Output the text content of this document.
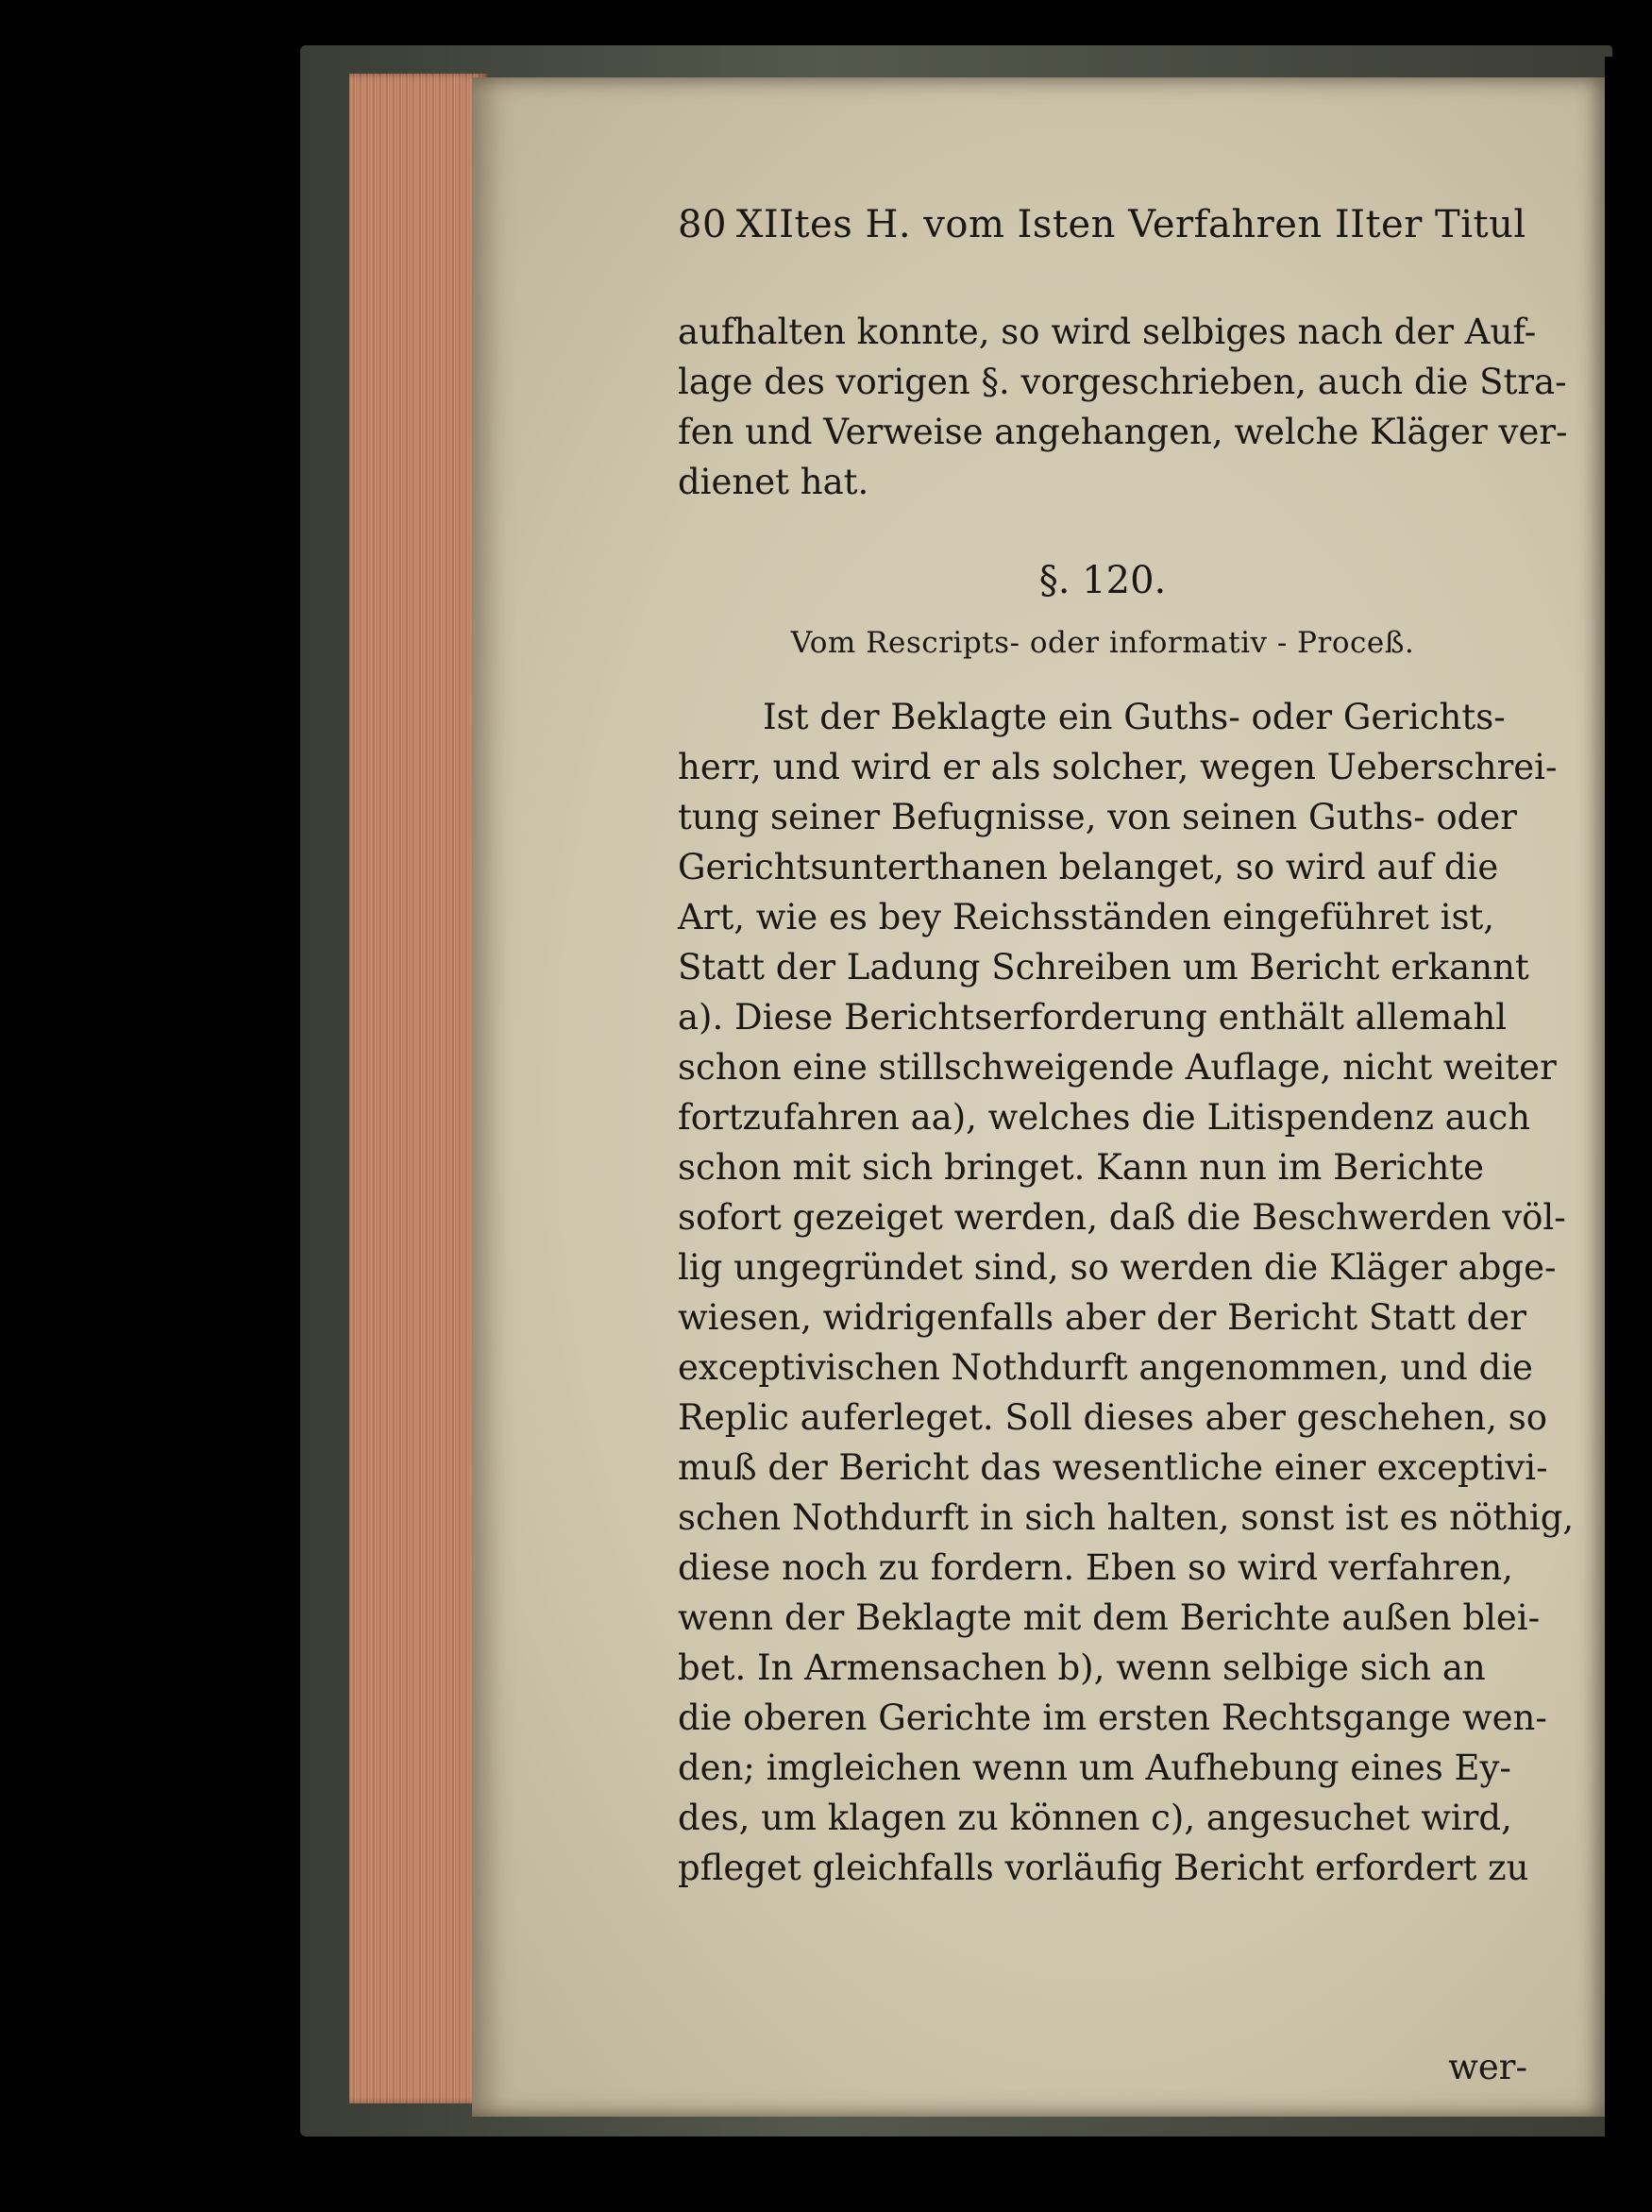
80 XIItes H. vom Isten Verfahren IIter Titul
aufhalten konnte, so wird selbiges nach der Auf-
lage des vorigen §. vorgeschrieben, auch die Stra-
fen und Verweise angehangen, welche Kläger ver-
dienet hat.
§. 120.
Vom Rescripts- oder informativ - Proceß.
Ist der Beklagte ein Guths- oder Gerichts-
herr, und wird er als solcher, wegen Ueberschrei-
tung seiner Befugnisse, von seinen Guths- oder
Gerichtsunterthanen belanget, so wird auf die
Art, wie es bey Reichsständen eingeführet ist,
Statt der Ladung Schreiben um Bericht erkannt
a). Diese Berichtserforderung enthält allemahl
schon eine stillschweigende Auflage, nicht weiter
fortzufahren aa), welches die Litispendenz auch
schon mit sich bringet. Kann nun im Berichte
sofort gezeiget werden, daß die Beschwerden völ-
lig ungegründet sind, so werden die Kläger abge-
wiesen, widrigenfalls aber der Bericht Statt der
exceptivischen Nothdurft angenommen, und die
Replic auferleget. Soll dieses aber geschehen, so
muß der Bericht das wesentliche einer exceptivi-
schen Nothdurft in sich halten, sonst ist es nöthig,
diese noch zu fordern. Eben so wird verfahren,
wenn der Beklagte mit dem Berichte außen blei-
bet. In Armensachen b), wenn selbige sich an
die oberen Gerichte im ersten Rechtsgange wen-
den; imgleichen wenn um Aufhebung eines Ey-
des, um klagen zu können c), angesuchet wird,
pfleget gleichfalls vorläufig Bericht erfordert zu
wer-
